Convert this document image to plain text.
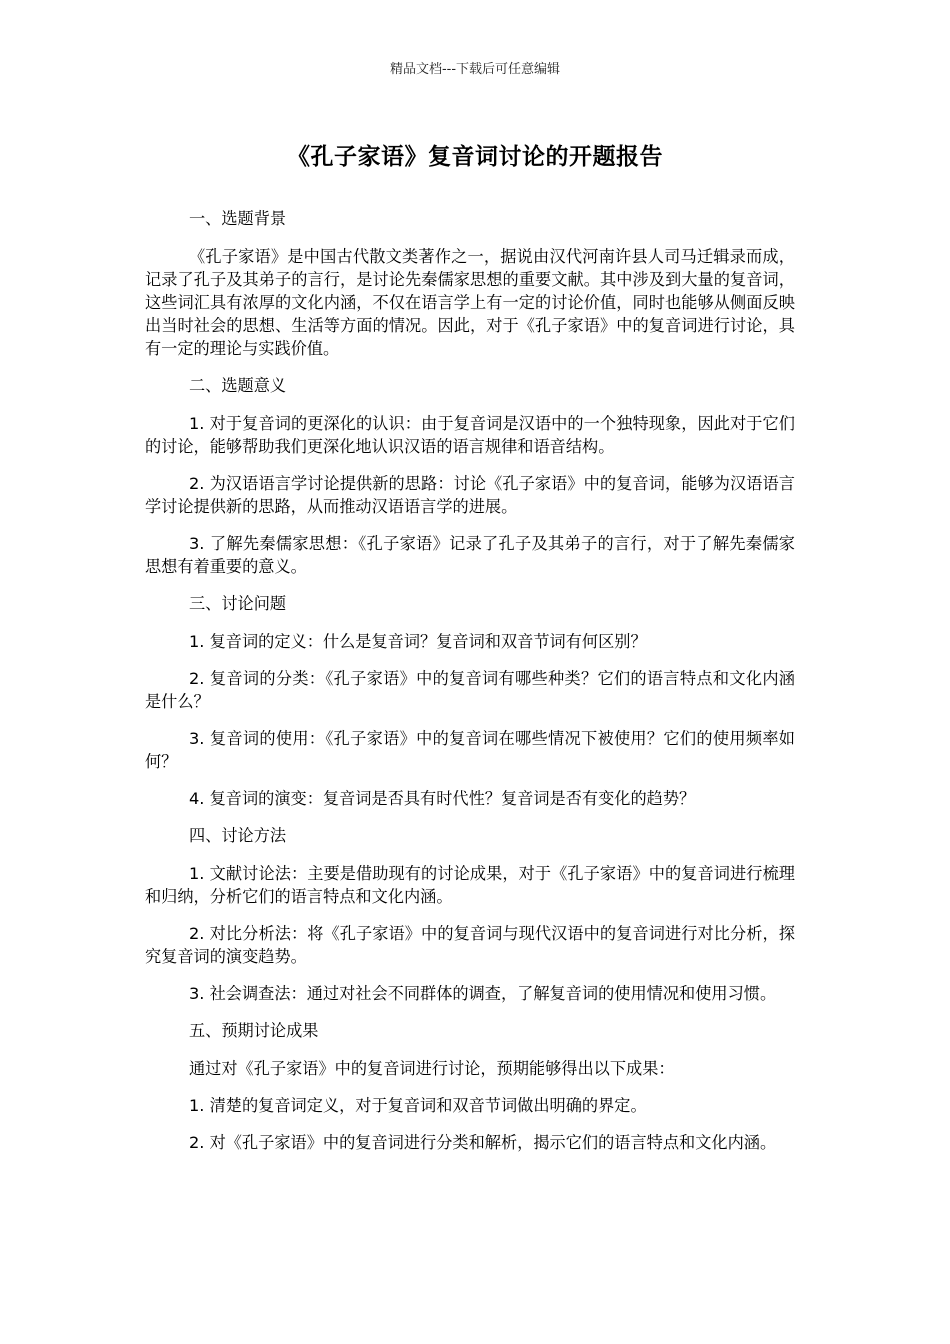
精品文档---下载后可任意编辑
《孔子家语》复音词讨论的开题报告

一、选题背景

《孔子家语》是中国古代散文类著作之一，据说由汉代河南许县人司马迁辑录而成，记录了孔子及其弟子的言行，是讨论先秦儒家思想的重要文献。其中涉及到大量的复音词，这些词汇具有浓厚的文化内涵，不仅在语言学上有一定的讨论价值，同时也能够从侧面反映出当时社会的思想、生活等方面的情况。因此，对于《孔子家语》中的复音词进行讨论，具有一定的理论与实践价值。

二、选题意义

1. 对于复音词的更深化的认识：由于复音词是汉语中的一个独特现象，因此对于它们的讨论，能够帮助我们更深化地认识汉语的语言规律和语音结构。

2. 为汉语语言学讨论提供新的思路：讨论《孔子家语》中的复音词，能够为汉语语言学讨论提供新的思路，从而推动汉语语言学的进展。

3. 了解先秦儒家思想：《孔子家语》记录了孔子及其弟子的言行，对于了解先秦儒家思想有着重要的意义。

三、讨论问题

1. 复音词的定义：什么是复音词？复音词和双音节词有何区别？

2. 复音词的分类：《孔子家语》中的复音词有哪些种类？它们的语言特点和文化内涵是什么？

3. 复音词的使用：《孔子家语》中的复音词在哪些情况下被使用？它们的使用频率如何？

4. 复音词的演变：复音词是否具有时代性？复音词是否有变化的趋势？

四、讨论方法

1. 文献讨论法：主要是借助现有的讨论成果，对于《孔子家语》中的复音词进行梳理和归纳，分析它们的语言特点和文化内涵。

2. 对比分析法：将《孔子家语》中的复音词与现代汉语中的复音词进行对比分析，探究复音词的演变趋势。

3. 社会调查法：通过对社会不同群体的调查，了解复音词的使用情况和使用习惯。

五、预期讨论成果

通过对《孔子家语》中的复音词进行讨论，预期能够得出以下成果：

1. 清楚的复音词定义，对于复音词和双音节词做出明确的界定。

2. 对《孔子家语》中的复音词进行分类和解析，揭示它们的语言特点和文化内涵。
